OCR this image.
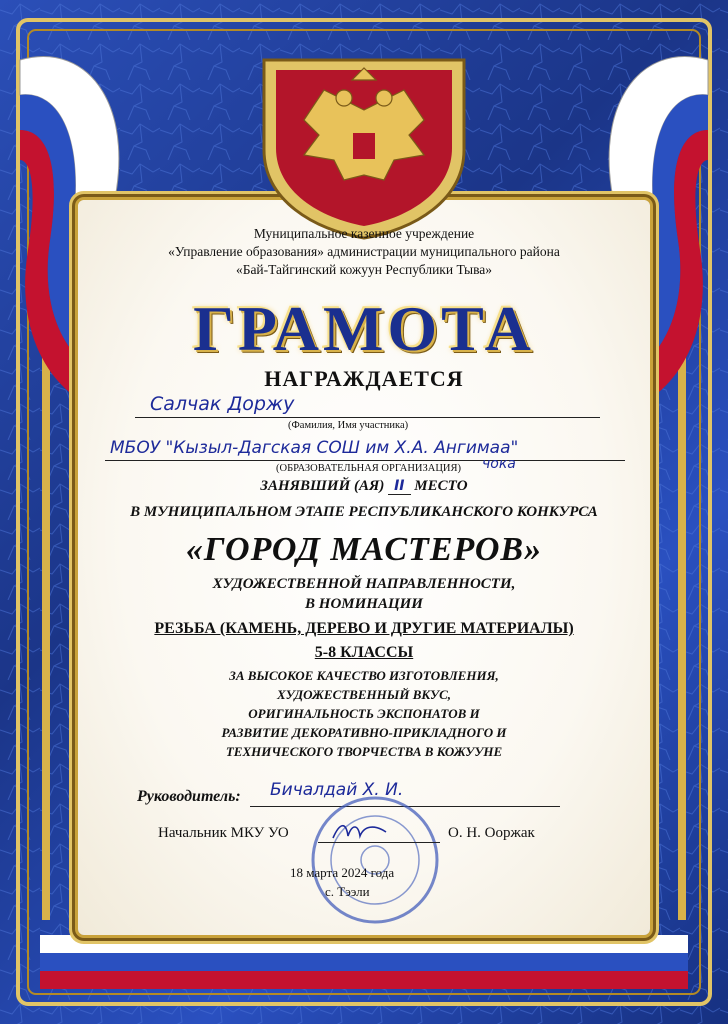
Муниципальное казенное учреждение
«Управление образования» администрации муниципального района
«Бай-Тайгинский кожуун Республики Тыва»
ГРАМОТА
НАГРАЖДАЕТСЯ
Салчак Доржу
(Фамилия, Имя участника)
МБОУ "Кызыл-Дагская СОШ им Х.А. Ангимаа"
чока
(ОБРАЗОВАТЕЛЬНАЯ ОРГАНИЗАЦИЯ)
ЗАНЯВШИЙ (АЯ) II МЕСТО
В МУНИЦИПАЛЬНОМ ЭТАПЕ РЕСПУБЛИКАНСКОГО КОНКУРСА
«ГОРОД МАСТЕРОВ»
ХУДОЖЕСТВЕННОЙ НАПРАВЛЕННОСТИ,
В НОМИНАЦИИ
РЕЗЬБА (КАМЕНЬ, ДЕРЕВО И ДРУГИЕ МАТЕРИАЛЫ)
5-8 КЛАССЫ
ЗА ВЫСОКОЕ КАЧЕСТВО ИЗГОТОВЛЕНИЯ,
ХУДОЖЕСТВЕННЫЙ ВКУС,
ОРИГИНАЛЬНОСТЬ ЭКСПОНАТОВ И
РАЗВИТИЕ ДЕКОРАТИВНО-ПРИКЛАДНОГО И
ТЕХНИЧЕСКОГО ТВОРЧЕСТВА В КОЖУУНЕ
Руководитель: Бичалдай Х. И.
Начальник МКУ УО	О. Н. Ооржак
18 марта 2024 года
с. Тээли
